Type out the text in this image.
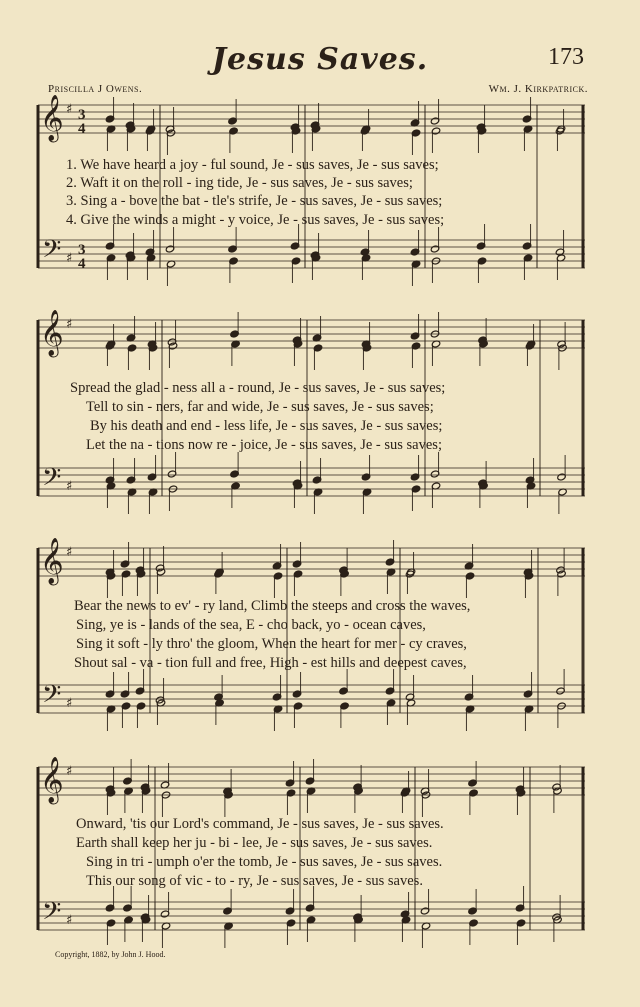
Jesus Saves.	173
Priscilla J Owens.	Wm. J. Kirkpatrick.
𝄞
𝄢
♯
♯
3
4
3
4
𝄞
𝄢
♯
♯
𝄞
𝄢
♯
♯
𝄞
𝄢
♯
♯
1. We have heard a joy - ful sound, Je - sus saves, Je - sus saves;
2. Waft it on the roll - ing tide, Je - sus saves, Je - sus saves;
3. Sing a - bove the bat - tle's strife, Je - sus saves, Je - sus saves;
4. Give the winds a might - y voice, Je - sus saves, Je - sus saves;
Spread the glad - ness all a - round, Je - sus saves, Je - sus saves;
Tell to sin - ners, far and wide, Je - sus saves, Je - sus saves;
By his death and end - less life, Je - sus saves, Je - sus saves;
Let the na - tions now re - joice, Je - sus saves, Je - sus saves;
Bear the news to ev' - ry land, Climb the steeps and cross the waves,
Sing, ye is - lands of the sea, E - cho back, yo - ocean caves,
Sing it soft - ly thro' the gloom, When the heart for mer - cy craves,
Shout sal - va - tion full and free, High - est hills and deepest caves,
Onward, 'tis our Lord's command, Je - sus saves, Je - sus saves.
Earth shall keep her ju - bi - lee, Je - sus saves, Je - sus saves.
Sing in tri - umph o'er the tomb, Je - sus saves, Je - sus saves.
This our song of vic - to - ry, Je - sus saves, Je - sus saves.
Copyright, 1882, by John J. Hood.
